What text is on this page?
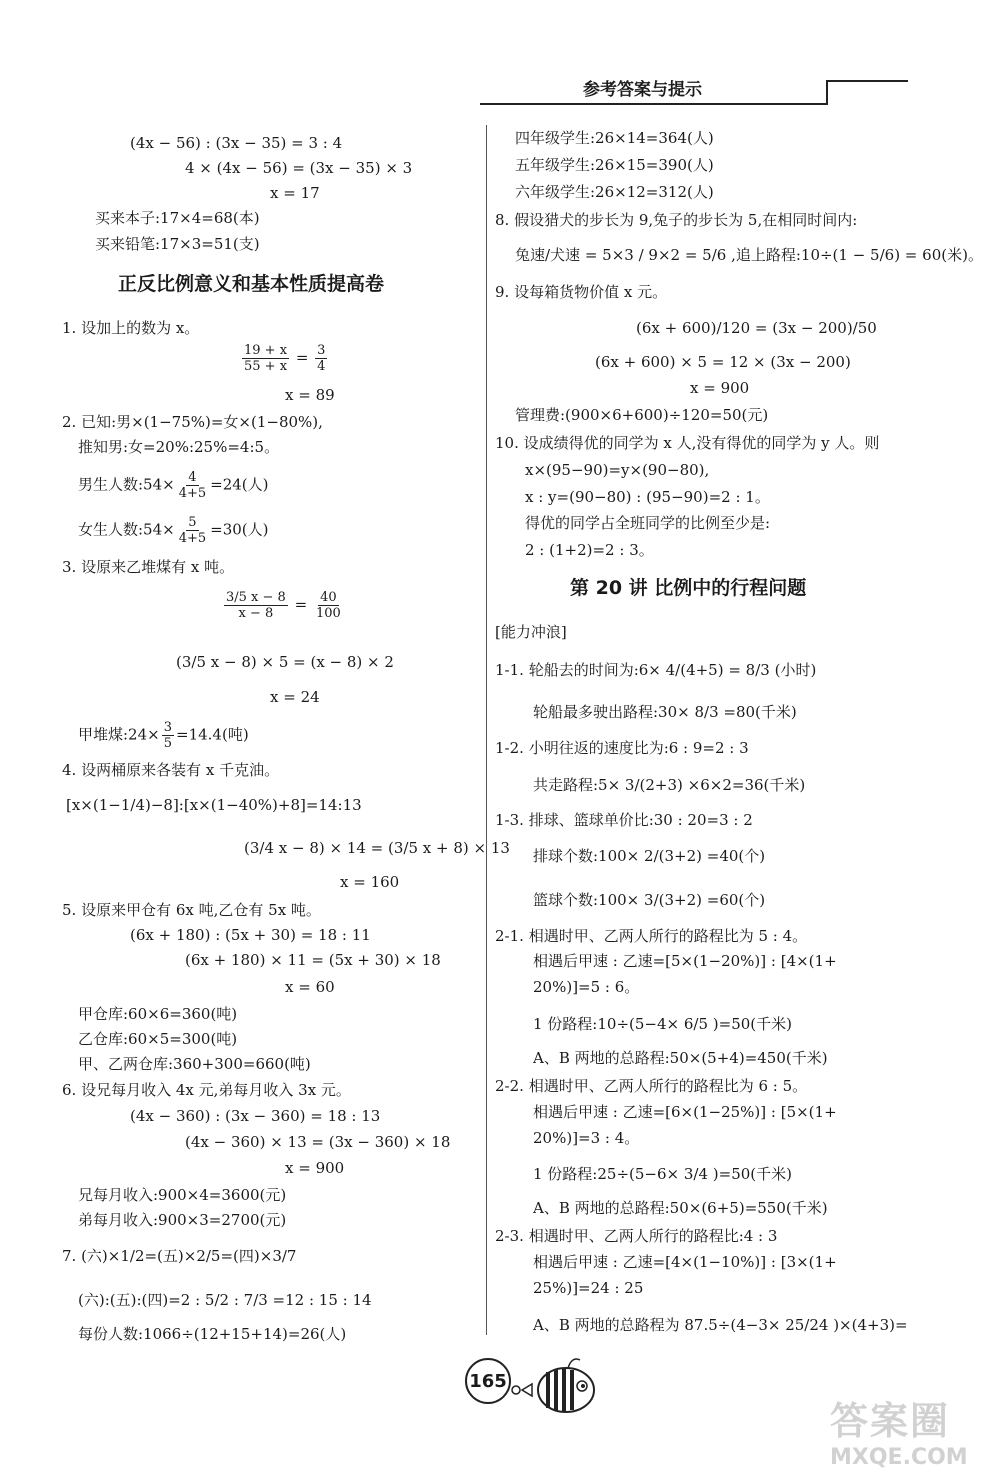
参考答案与提示
(4x − 56) : (3x − 35) = 3 : 4
4 × (4x − 56) = (3x − 35) × 3
x = 17
买来本子:17×4=68(本)
买来铅笔:17×3=51(支)
正反比例意义和基本性质提高卷
1. 设加上的数为 x。
$\frac{19 + x}{55 + x} = \frac{3}{4}$
x = 89
2. 已知:男×(1−75%)=女×(1−80%),
推知男:女=20%:25%=4:5。
男生人数:54× $\frac{4}{4+5} =24$(人)
女生人数:54× $\frac{5}{4+5} =30$(人)
3. 设原来乙堆煤有 x 吨。
$\frac{3/5 x - 8}{x - 8} = \frac{40}{100}$
(3/5 x − 8) × 5 = (x − 8) × 2
x = 24
甲堆煤:24× $\frac{3}{5} =14.4$(吨)
4. 设两桶原来各装有 x 千克油。
[x×(1−1/4)−8]:[x×(1−40%)+8]=14:13
(3/4 x − 8) × 14 = (3/5 x + 8) × 13
x = 160
5. 设原来甲仓有 6x 吨,乙仓有 5x 吨。
(6x + 180) : (5x + 30) = 18 : 11
(6x + 180) × 11 = (5x + 30) × 18
x = 60
甲仓库:60×6=360(吨)
乙仓库:60×5=300(吨)
甲、乙两仓库:360+300=660(吨)
6. 设兄每月收入 4x 元,弟每月收入 3x 元。
(4x − 360) : (3x − 360) = 18 : 13
(4x − 360) × 13 = (3x − 360) × 18
x = 900
兄每月收入:900×4=3600(元)
弟每月收入:900×3=2700(元)
7. (六)×1/2=(五)×2/5=(四)×3/7
(六):(五):(四)=2 : 5/2 : 7/3 =12 : 15 : 14
每份人数:1066÷(12+15+14)=26(人)
四年级学生:26×14=364(人)
五年级学生:26×15=390(人)
六年级学生:26×12=312(人)
8. 假设猎犬的步长为 9,兔子的步长为 5,在相同时间内:
兔速/犬速 = 5×3 / 9×2 = 5/6 ,追上路程:10÷(1 − 5/6) = 60(米)。
9. 设每箱货物价值 x 元。
(6x + 600)/120 = (3x − 200)/50
(6x + 600) × 5 = 12 × (3x − 200)
x = 900
管理费:(900×6+600)÷120=50(元)
10. 设成绩得优的同学为 x 人,没有得优的同学为 y 人。则
x×(95−90)=y×(90−80),
x : y=(90−80) : (95−90)=2 : 1。
得优的同学占全班同学的比例至少是:
2 : (1+2)=2 : 3。
第 20 讲 比例中的行程问题
[能力冲浪]
1-1. 轮船去的时间为:6× 4/(4+5) = 8/3 (小时)
轮船最多驶出路程:30× 8/3 =80(千米)
1-2. 小明往返的速度比为:6 : 9=2 : 3
共走路程:5× 3/(2+3) ×6×2=36(千米)
1-3. 排球、篮球单价比:30 : 20=3 : 2
排球个数:100× 2/(3+2) =40(个)
篮球个数:100× 3/(3+2) =60(个)
2-1. 相遇时甲、乙两人所行的路程比为 5 : 4。
相遇后甲速 : 乙速=[5×(1−20%)] : [4×(1+
20%)]=5 : 6。
1 份路程:10÷(5−4× 6/5 )=50(千米)
A、B 两地的总路程:50×(5+4)=450(千米)
2-2. 相遇时甲、乙两人所行的路程比为 6 : 5。
相遇后甲速 : 乙速=[6×(1−25%)] : [5×(1+
20%)]=3 : 4。
1 份路程:25÷(5−6× 3/4 )=50(千米)
A、B 两地的总路程:50×(6+5)=550(千米)
2-3. 相遇时甲、乙两人所行的路程比:4 : 3
相遇后甲速 : 乙速=[4×(1−10%)] : [3×(1+
25%)]=24 : 25
A、B 两地的总路程为 87.5÷(4−3× 25/24 )×(4+3)=
165
答案圈
MXQE.COM
